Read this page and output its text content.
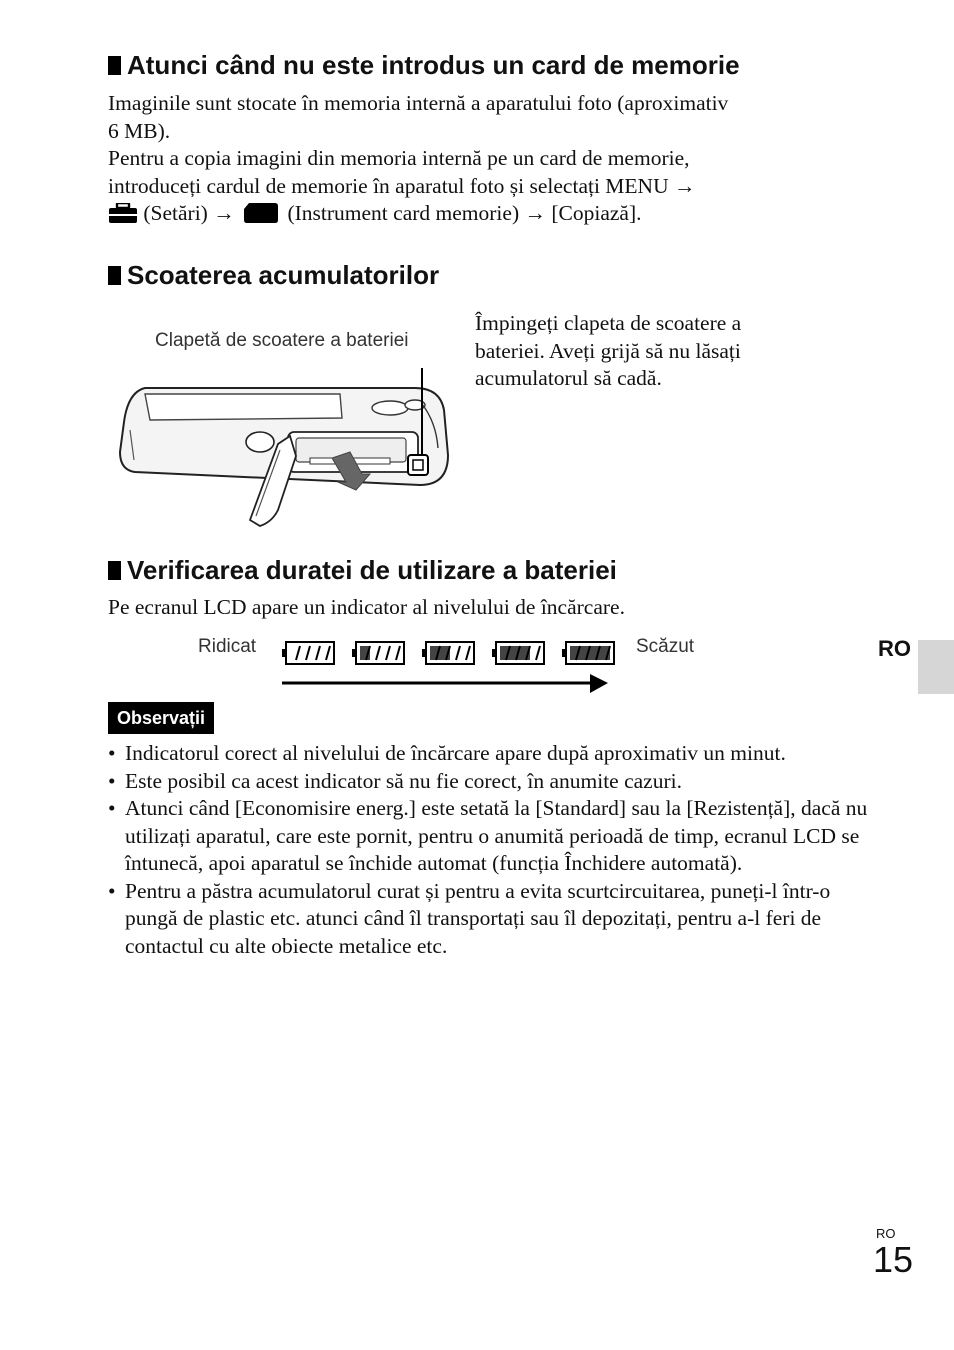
Atunci când nu este introdus un card de memorie
Imaginile sunt stocate în memoria internă a aparatului foto (aproximativ
6 MB).
Pentru a copia imagini din memoria internă pe un card de memorie,
introduceți cardul de memorie în aparatul foto și selectați MENU →
(Setări) →  (Instrument card memorie) → [Copiază].
Scoaterea acumulatorilor
Clapetă de scoatere a bateriei
Împingeți clapeta de scoatere a
bateriei. Aveți grijă să nu lăsați
acumulatorul să cadă.
Verificarea duratei de utilizare a bateriei
Pe ecranul LCD apare un indicator al nivelului de încărcare.
Ridicat	Scăzut
Observații
• Indicatorul corect al nivelului de încărcare apare după aproximativ un minut.
• Este posibil ca acest indicator să nu fie corect, în anumite cazuri.
• Atunci când [Economisire energ.] este setată la [Standard] sau la [Rezistență], dacă nu utilizați aparatul, care este pornit, pentru o anumită perioadă de timp, ecranul LCD se întunecă, apoi aparatul se închide automat (funcția Închidere automată).
• Pentru a păstra acumulatorul curat și pentru a evita scurtcircuitarea, puneți-l într-o pungă de plastic etc. atunci când îl transportați sau îl depozitați, pentru a-l feri de contactul cu alte obiecte metalice etc.
RO
RO
15
